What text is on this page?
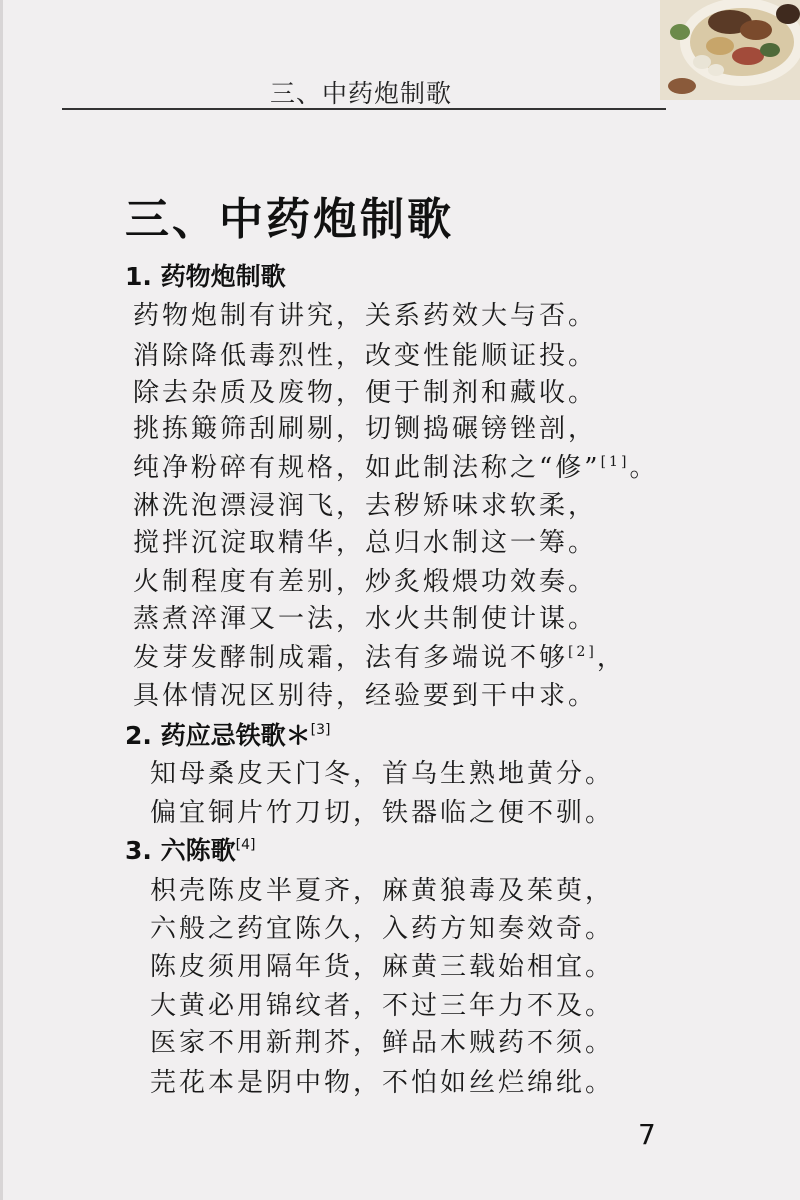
三、中药炮制歌
三、中药炮制歌
1. 药物炮制歌
药物炮制有讲究，关系药效大与否。
消除降低毒烈性，改变性能顺证投。
除去杂质及废物，便于制剂和藏收。
挑拣簸筛刮刷剔，切铡捣碾镑锉剖，
纯净粉碎有规格，如此制法称之“修”[1]。
淋洗泡漂浸润飞，去秽矫味求软柔，
搅拌沉淀取精华，总归水制这一筹。
火制程度有差别，炒炙煅煨功效奏。
蒸煮淬渾又一法，水火共制使计谋。
发芽发酵制成霜，法有多端说不够[2]，
具体情况区别待，经验要到干中求。
2. 药应忌铁歌＊[3]
知母桑皮天门冬，首乌生熟地黄分。
偏宜铜片竹刀切，铁器临之便不驯。
3. 六陈歌[4]
枳壳陈皮半夏齐，麻黄狼毒及茱萸，
六般之药宜陈久，入药方知奏效奇。
陈皮须用隔年货，麻黄三载始相宜。
大黄必用锦纹者，不过三年力不及。
医家不用新荆芥，鲜品木贼药不须。
芫花本是阴中物，不怕如丝烂绵纰。
7
